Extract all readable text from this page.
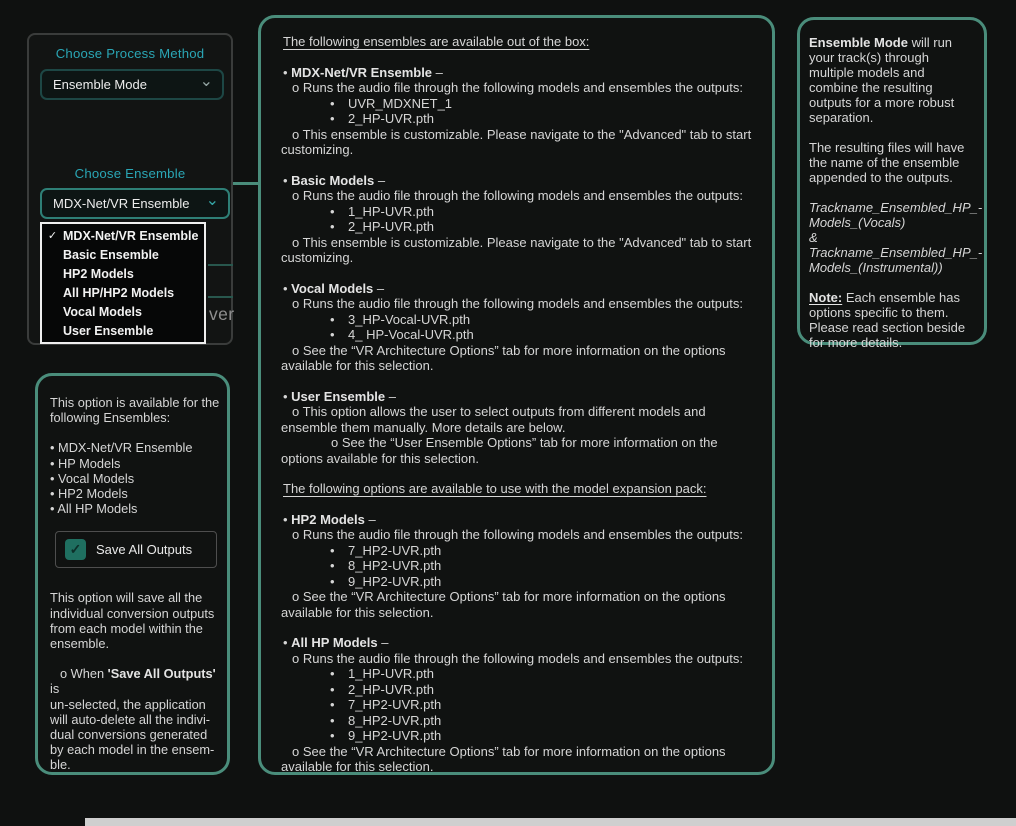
Choose Process Method
Ensemble Mode	⌄
Choose Ensemble
MDX-Net/VR Ensemble ⌄
ver
✓ MDX-Net/VR Ensemble
Basic Ensemble
HP2 Models
All HP/HP2 Models
Vocal Models
User Ensemble
This option is available for the following Ensembles:
• MDX-Net/VR Ensemble
• HP Models
• Vocal Models
• HP2 Models
• All HP Models
✓ Save All Outputs
This option will save all the individual conversion outputs from each model within the ensemble.
o When 'Save All Outputs' is
un-selected, the application
will auto-delete all the indivi-
dual conversions generated
by each model in the ensem-
ble.
The following ensembles are available out of the box:
• MDX-Net/VR Ensemble –
o Runs the audio file through the following models and ensembles the outputs:
•	UVR_MDXNET_1
•	2_HP-UVR.pth
o This ensemble is customizable. Please navigate to the "Advanced" tab to start customizing.
• Basic Models –
o Runs the audio file through the following models and ensembles the outputs:
•	1_HP-UVR.pth
•	2_HP-UVR.pth
o This ensemble is customizable. Please navigate to the "Advanced" tab to start customizing.
• Vocal Models –
o Runs the audio file through the following models and ensembles the outputs:
•	3_HP-Vocal-UVR.pth
•	4_ HP-Vocal-UVR.pth
o See the “VR Architecture Options” tab for more information on the options available for this selection.
• User Ensemble –
o This option allows the user to select outputs from different models and ensemble them manually. More details are below.
o See the “User Ensemble Options” tab for more information on the options available for this selection.
The following options are available to use with the model expansion pack:
• HP2 Models –
o Runs the audio file through the following models and ensembles the outputs:
•	7_HP2-UVR.pth
•	8_HP2-UVR.pth
•	9_HP2-UVR.pth
o See the “VR Architecture Options” tab for more information on the options available for this selection.
• All HP Models –
o Runs the audio file through the following models and ensembles the outputs:
•	1_HP-UVR.pth
•	2_HP-UVR.pth
•	7_HP2-UVR.pth
•	8_HP2-UVR.pth
•	9_HP2-UVR.pth
o See the “VR Architecture Options” tab for more information on the options available for this selection.

Ensemble Mode will run your track(s) through multiple models and combine the resulting outputs for a more robust separation.

The resulting files will have the name of the ensemble appended to the outputs.

Trackname_Ensembled_HP_-
Models_(Vocals)
&
Trackname_Ensembled_HP_-
Models_(Instrumental))

Note: Each ensemble has options specific to them. Please read section beside for more details.
